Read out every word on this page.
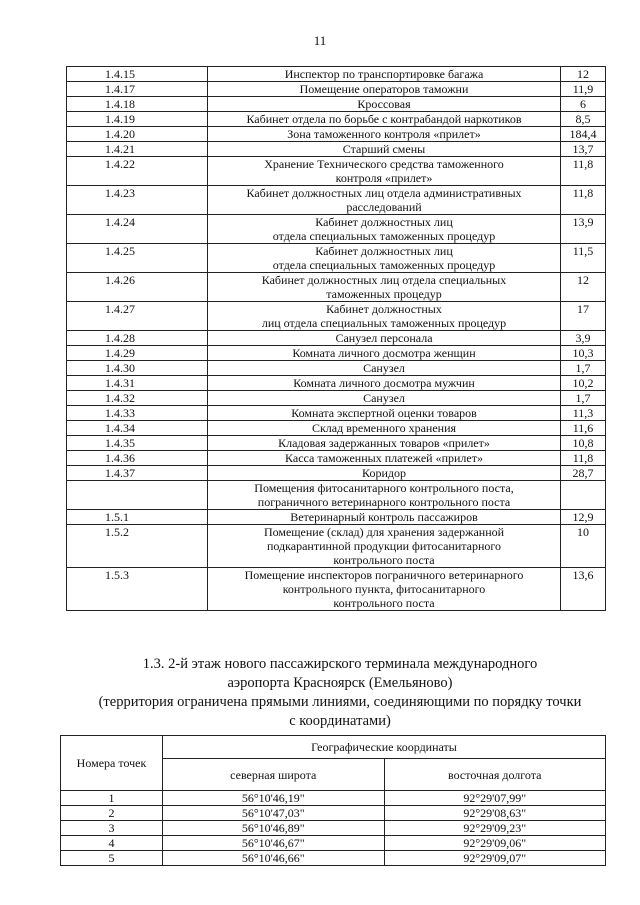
11
1.4.15	Инспектор по транспортировке багажа	12
1.4.17	Помещение операторов таможни	11,9
1.4.18	Кроссовая	6
1.4.19	Кабинет отдела по борьбе с контрабандой наркотиков	8,5
1.4.20	Зона таможенного контроля «прилет»	184,4
1.4.21	Старший смены	13,7
1.4.22	Хранение Технического средства таможенного
контроля «прилет»	11,8
1.4.23	Кабинет должностных лиц отдела административных
расследований	11,8
1.4.24	Кабинет должностных лиц
отдела специальных таможенных процедур	13,9
1.4.25	Кабинет должностных лиц
отдела специальных таможенных процедур	11,5
1.4.26	Кабинет должностных лиц отдела специальных
таможенных процедур	12
1.4.27	Кабинет должностных
лиц отдела специальных таможенных процедур	17
1.4.28	Санузел персонала	3,9
1.4.29	Комната личного досмотра женщин	10,3
1.4.30	Санузел	1,7
1.4.31	Комната личного досмотра мужчин	10,2
1.4.32	Санузел	1,7
1.4.33	Комната экспертной оценки товаров	11,3
1.4.34	Склад временного хранения	11,6
1.4.35	Кладовая задержанных товаров «прилет»	10,8
1.4.36	Касса таможенных платежей «прилет»	11,8
1.4.37	Коридор	28,7

	Помещения фитосанитарного контрольного поста,
пограничного ветеринарного контрольного поста	

1.5.1	Ветеринарный контроль пассажиров	12,9
1.5.2	Помещение (склад) для хранения задержанной
подкарантинной продукции фитосанитарного
контрольного поста	10
1.5.3	Помещение инспекторов пограничного ветеринарного
контрольного пункта, фитосанитарного
контрольного поста	13,6
1.3. 2-й этаж нового пассажирского терминала международного
аэропорта Красноярск (Емельяново)
(территория ограничена прямыми линиями, соединяющими по порядку точки
с координатами)
Номера точек	Географические координаты	
	северная широта	восточная долгота
1	56°10'46,19"	92°29'07,99"
2	56°10'47,03"	92°29'08,63"
3	56°10'46,89"	92°29'09,23"
4	56°10'46,67"	92°29'09,06"
5	56°10'46,66"	92°29'09,07"
